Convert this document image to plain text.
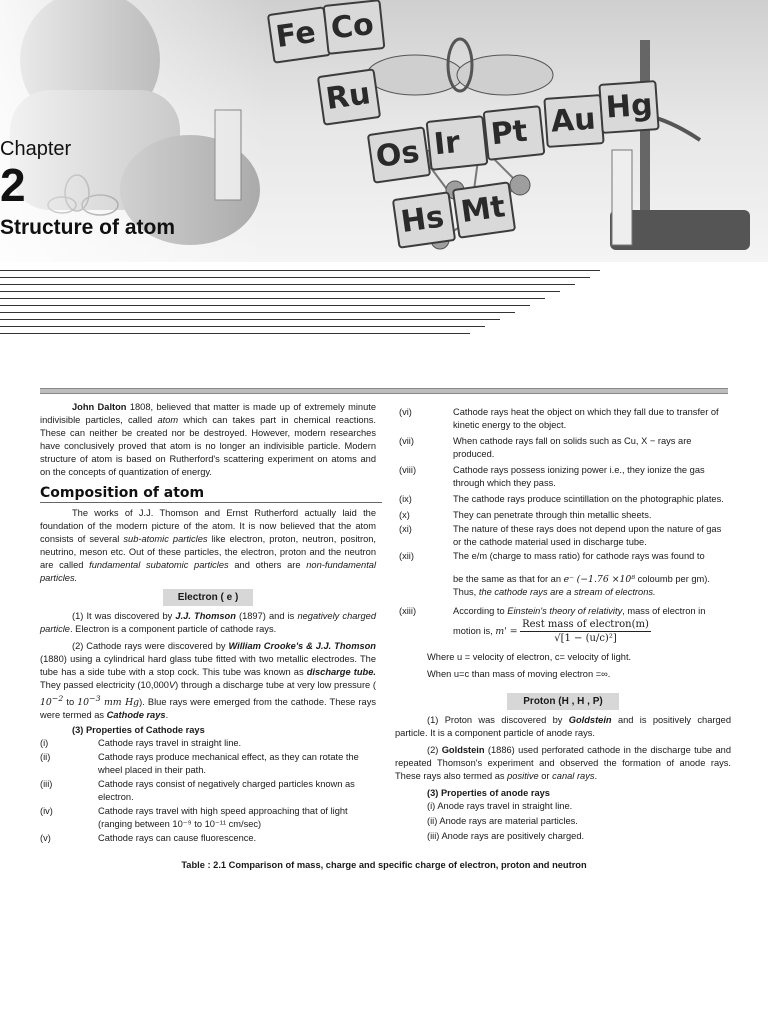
Fe Co
Ru
Os Ir Pt Au Hg
Hs Mt
Chapter
2
Structure of atom

John Dalton 1808, believed that matter is made up of extremely minute indivisible particles, called atom which can takes part in chemical reactions. These can neither be created nor be destroyed. However, modern researches have conclusively proved that atom is no longer an indivisible particle. Modern structure of atom is based on Rutherford's scattering experiment on atoms and on the concepts of quantization of energy.

Composition of atom

The works of J.J. Thomson and Ernst Rutherford actually laid the foundation of the modern picture of the atom. It is now believed that the atom consists of several sub-atomic particles like electron, proton, neutron, positron, neutrino, meson etc. Out of these particles, the electron, proton and the neutron are called fundamental subatomic particles and others are non-fundamental particles.

Electron ( e )

(1) It was discovered by J.J. Thomson (1897) and is negatively charged particle. Electron is a component particle of cathode rays.

(2) Cathode rays were discovered by William Crooke's & J.J. Thomson (1880) using a cylindrical hard glass tube fitted with two metallic electrodes. The tube has a side tube with a stop cock. This tube was known as discharge tube. They passed electricity (10,000V) through a discharge tube at very low pressure ( $10^{-2}$ to $10^{-3}$ mm Hg). Blue rays were emerged from the cathode. These rays were termed as Cathode rays.

(3) Properties of Cathode rays
(i)	Cathode rays travel in straight line.
(ii)	Cathode rays produce mechanical effect, as they can rotate the wheel placed in their path.
(iii)	Cathode rays consist of negatively charged particles known as electron.
(iv)	Cathode rays travel with high speed approaching that of light (ranging between 10⁻⁹ to 10⁻¹¹ cm/sec)
(v)	Cathode rays can cause fluorescence.
(vi)	Cathode rays heat the object on which they fall due to transfer of kinetic energy to the object.
(vii)	When cathode rays fall on solids such as Cu, X − rays are produced.
(viii)	Cathode rays possess ionizing power i.e., they ionize the gas through which they pass.
(ix)	The cathode rays produce scintillation on the photographic plates.
(x)	They can penetrate through thin metallic sheets.
(xi)	The nature of these rays does not depend upon the nature of gas or the cathode material used in discharge tube.
(xii)	The e/m (charge to mass ratio) for cathode rays was found to
be the same as that for an e⁻ (−1.76 ×10⁸ coloumb per gm). Thus, the cathode rays are a stream of electrons.
(xiii)	According to Einstein's theory of relativity, mass of electron in motion is, $m' = \frac{\text{Rest mass of electron(m)}}{\text{√[1 − (u/c)²]}}$
Where u = velocity of electron, c= velocity of light.
When u=c than mass of moving electron =∞.
Proton (H , H , P)

(1) Proton was discovered by Goldstein and is positively charged particle. It is a component particle of anode rays.

(2) Goldstein (1886) used perforated cathode in the discharge tube and repeated Thomson's experiment and observed the formation of anode rays. These rays also termed as positive or canal rays.

(3) Properties of anode rays
(i) Anode rays travel in straight line.
(ii) Anode rays are material particles.
(iii) Anode rays are positively charged.
Table : 2.1 Comparison of mass, charge and specific charge of electron, proton and neutron
